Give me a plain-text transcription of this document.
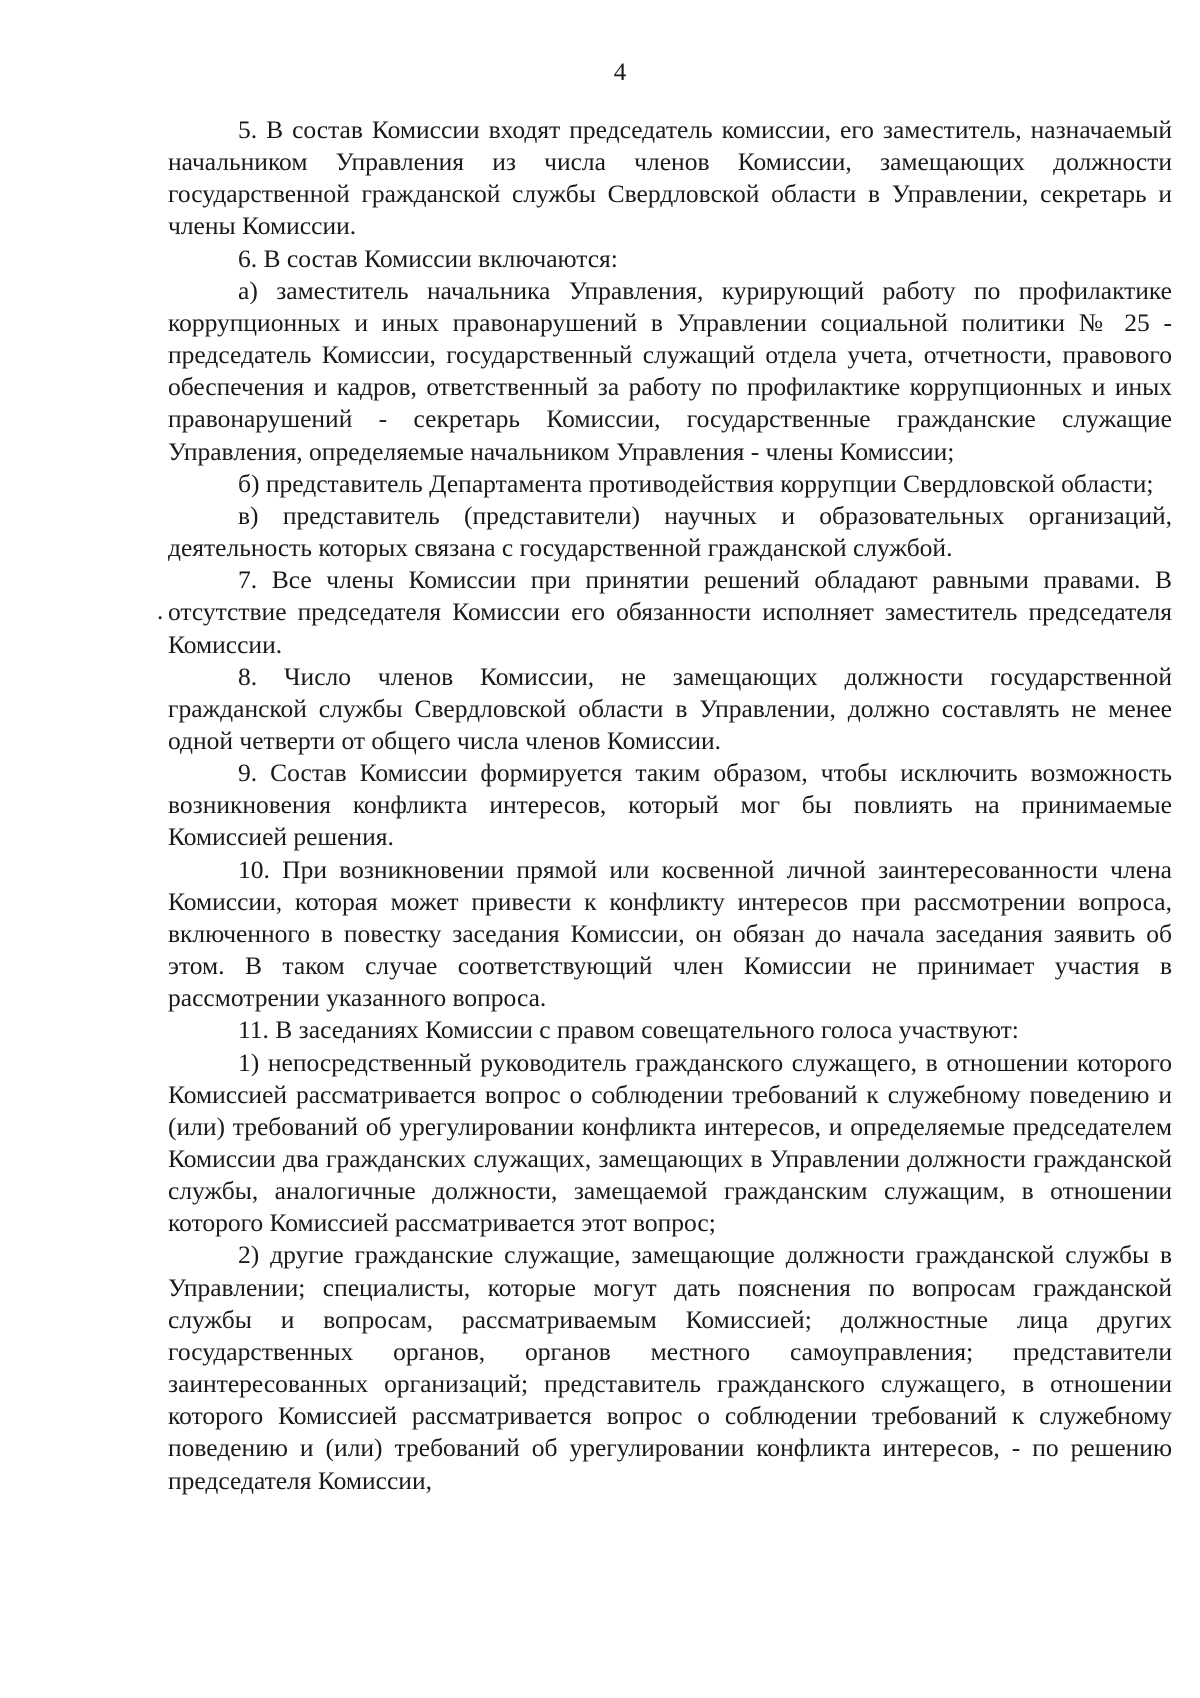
4

5. В состав Комиссии входят председатель комиссии, его заместитель, назначаемый начальником Управления из числа членов Комиссии, замещающих должности государственной гражданской службы Свердловской области в Управлении, секретарь и члены Комиссии.

6. В состав Комиссии включаются:

а) заместитель начальника Управления, курирующий работу по профилактике коррупционных и иных правонарушений в Управлении социальной политики № 25 - председатель Комиссии, государственный служащий отдела учета, отчетности, правового обеспечения и кадров, ответственный за работу по профилактике коррупционных и иных правонарушений - секретарь Комиссии, государственные гражданские служащие Управления, определяемые начальником Управления - члены Комиссии;

б) представитель Департамента противодействия коррупции Свердловской области;

в) представитель (представители) научных и образовательных организаций, деятельность которых связана с государственной гражданской службой.

.

7. Все члены Комиссии при принятии решений обладают равными правами. В отсутствие председателя Комиссии его обязанности исполняет заместитель председателя Комиссии.

8. Число членов Комиссии, не замещающих должности государственной гражданской службы Свердловской области в Управлении, должно составлять не менее одной четверти от общего числа членов Комиссии.

9. Состав Комиссии формируется таким образом, чтобы исключить возможность возникновения конфликта интересов, который мог бы повлиять на принимаемые Комиссией решения.

10. При возникновении прямой или косвенной личной заинтересованности члена Комиссии, которая может привести к конфликту интересов при рассмотрении вопроса, включенного в повестку заседания Комиссии, он обязан до начала заседания заявить об этом. В таком случае соответствующий член Комиссии не принимает участия в рассмотрении указанного вопроса.

11. В заседаниях Комиссии с правом совещательного голоса участвуют:

1) непосредственный руководитель гражданского служащего, в отношении которого Комиссией рассматривается вопрос о соблюдении требований к служебному поведению и (или) требований об урегулировании конфликта интересов, и определяемые председателем Комиссии два гражданских служащих, замещающих в Управлении должности гражданской службы, аналогичные должности, замещаемой гражданским служащим, в отношении которого Комиссией рассматривается этот вопрос;

2) другие гражданские служащие, замещающие должности гражданской службы в Управлении; специалисты, которые могут дать пояснения по вопросам гражданской службы и вопросам, рассматриваемым Комиссией; должностные лица других государственных органов, органов местного самоуправления; представители заинтересованных организаций; представитель гражданского служащего, в отношении которого Комиссией рассматривается вопрос о соблюдении требований к служебному поведению и (или) требований об урегулировании конфликта интересов, - по решению председателя Комиссии,
